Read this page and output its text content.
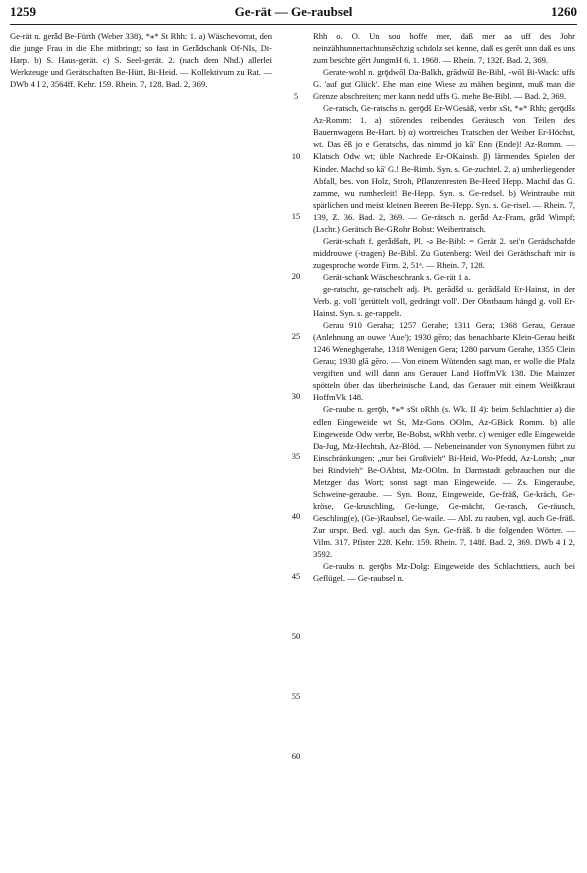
1259	Ge-rät — Ge-raubsel	1260

Ge-rät n. gerǟd Be-Fürth (Weber 338), *⁎* St Rhh: 1. a) Wäschevorrat, den die junge Frau in die Ehe mitbringt; so fast in Gerǟdschank Of-NIs, Di-Harp. b) S. Haus-gerät. c) S. Seel-gerät. 2. (nach dem Nhd.) allerlei Werkzeuge und Gerätschaften Be-Hütt, Bi-Heid. — Kollektivum zu Rat. — DWb 4 I 2, 3564ff. Kehr. 159. Rhein. 7, 128. Bad. 2, 369.

5
10
15
20
25
30
35
40
45
50
55
60

Rhh o. O. Un sou hoffe mer, daß mer aa uff des Johr neinzähhunnertachtunsēchzig schdolz sei kenne, daß es gerēt unn daß es uns zum beschte gērt JungmH 6. 1. 1968. — Rhein. 7, 132f. Bad. 2, 369.

Gerate-wohl n. grǭdwōl Da-Balkh, grādwūl Be-Bibl, -wōl Bi-Wack: uffs G. 'auf gut Glück'. Ehe man eine Wiese zu mähen beginnt, muß man die Grenze abschreiten; mer kann nedd uffs G. mehe Be-Bibl. — Bad. 2, 369.

Ge-ratsch, Ge-ratschs n. gerǭdš Er-WGesäß, verbr sSt, *⁎* Rhh; gerǭdšs Az-Romm: 1. a) stōrendes reibendes Geräusch von Teilen des Bauernwagens Be-Hart. b) α) wortreiches Tratschen der Weiber Er-Höchst, wt. Das ēß jo e Geratschs, das nimmd jo kā' Enn (Ende)! Az-Romm. — Klatsch Odw wt; üble Nachrede Er-OKainsb. β) lärmendes Spielen der Kinder. Machd so kā' G.! Be-Rimb. Syn. s. Ge-zuchtel. 2. a) umherliegender Abfall, bes. von Holz, Stroh, Pflanzenresten Be-Heed Hepp. Machd das G. zamme, wu rumherleit! Be-Hepp. Syn. s. Ge-redsel. b) Weintraube mit spärlichen und meist kleinen Beeren Be-Hepp. Syn. s. Ge-risel. — Rhein. 7, 139, Z. 36. Bad. 2, 369. — Ge-rätsch n. gerǟd Az-Fram, grǟd Wimpf; (Lschr.) Gerätsch Be-GRohr Bobst: Weibertratsch.

Gerät-schaft f. gerǟdšaft, Pl. -ǝ Be-Bibl: = Gerät 2. sei'n Gerädschafde middrouwe (-tragen) Be-Bibl. Zu Gutenberg: Weil dei Geräthschaft mir is zugesproche worde Firm. 2, 51ᵃ. — Rhein. 7, 128.

Gerät-schank Wäscheschrank s. Ge-rät 1 a.

ge-ratscht, ge-ratschelt adj. Pt. gerādšd u. gerādšǝld Er-Hainst, in der Verb. g. voll 'gerüttelt voll, gedrängt voll'. Der Obstbaum hängd g. voll Er-Hainst. Syn. s. ge-rappelt.

Gerau 910 Geraha; 1257 Gerahe; 1311 Gera; 1368 Gerau, Geraue (Anlehnung an ouwe 'Aue'); 1930 gēro; das benachbarte Klein-Gerau heißt 1246 Weneghgerahe, 1318 Wenigen Gera; 1280 parvum Gerahe, 1355 Clein Gerau; 1930 glā gēro. — Von einem Wütenden sagt man, er wolle die Pfalz vergiften und will dann ans Gerauer Land HoffmVk 138. Die Mainzer spötteln über das überheinische Land, das Gerauer mit einem Weißkraut HoffmVk 148.

Ge-raube n. gerǭb, *⁎* sSt oRhh (s. Wk. II 4): beim Schlachttier a) die edlen Eingeweide wt St, Mz-Gons OOlm, Az-GBick Romm. b) alle Eingeweide Odw verbr, Be-Bobst, wRhh verbr. c) weniger edle Eingeweide Da-Jug, Mz-Hechtsh, Az-Blöd. — Nebeneinander von Synonymen führt zu Einschränkungen: „nur bei Großvieh“ Bi-Heid, Wo-Pfedd, Az-Lonsh; „nur bei Rindvieh“ Be-OAbtst, Mz-OOlm. In Darmstadt gebrauchen nur die Metzger das Wort; sonst sagt man Eingeweide. — Zs. Eingeraube, Schweine-geraube. — Syn. Bonz, Eingeweide, Ge-fräß, Ge-kräch, Ge-kröse, Ge-kruschling, Ge-lunge, Ge-mächt, Ge-rasch, Ge-räusch, Geschling(e), (Ge-)Raubsel, Ge-waile. — Abl. zu rauben, vgl. auch Ge-fräß. Zur urspr. Bed. vgl. auch das Syn. Ge-fräß. b die folgenden Wörter. — Vilm. 317. Pfister 228. Kehr. 159. Rhein. 7, 148f. Bad. 2, 369. DWb 4 I 2, 3592.

Ge-raubs n. gerǭbs Mz-Dolg: Eingeweide des Schlachttiers, auch bei Geflügel. — Ge-raubsel n.
